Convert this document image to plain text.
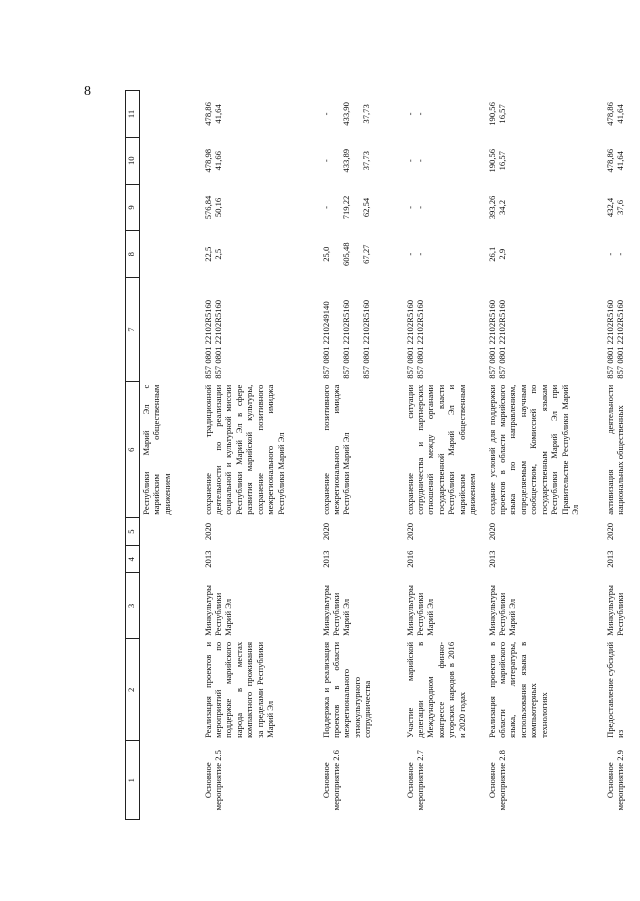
8
1	2	3	4	5	6	7	8	9	10	11
					Республики Марий Эл с марийским общественным движением					
Основное мероприятие 2.5	Реализация проектов и мероприятий по поддержке марийского народа в местах компактного проживания за пределами Республики Марий Эл	Минкультуры Республики Марий Эл	2013	2020	сохранение традиционной деятельности по реализации социальной и культурной миссии Республики Марий Эл в сфере развития марийской культуры, сохранение позитивного межрегионального имиджа Республики Марий Эл	857 0801 22102R5160 857 0801 22102R5160	22,5 2,5	576,84 50,16	478,98 41,66	478,86 41,64

Основное мероприятие 2.6	Поддержка и реализация проектов в области межрегионального этнокультурного сотрудничества	Минкультуры Республики Марий Эл	2013	2020	сохранение позитивного межрегионального имиджа Республики Марий Эл	857 0801 2210249140 857 0801 22102R5160 857 0801 22102R5160	25,0 605,48 67,27	- 719,22 62,54	- 433,89 37,73	- 433,90 37,73

Основное мероприятие 2.7	Участие марийской делегации в Международном конгрессе финно-угорских народов в 2016 и 2020 годах	Минкультуры Республики Марий Эл	2016	2020	сохранение ситуации сотрудничества и партнерских отношений между органами государственной власти Республики Марий Эл и марийским общественным движением	857 0801 22102R5160 857 0801 22102R5160	- -	- -	- -	- -

Основное мероприятие 2.8	Реализация проектов в области марийского языка, литературы, использования языка в компьютерных технологиях	Минкультуры Республики Марий Эл	2013	2020	создание условий для поддержки проектов в области марийского языка по направлениям, определяемым научным сообществом, Комиссией по государственным языкам Республики Марий Эл при Правительстве Республики Марий Эл	857 0801 22102R5160 857 0801 22102R5160	26,1 2,9	393,26 34,2	190,56 16,57	190,56 16,57

Основное мероприятие 2.9	Предоставление субсидий из	Минкультуры Республики	2013	2020	активизация деятельности национальных общественных	857 0801 22102R5160 857 0801 22102R5160	- -	432,4 37,6	478,86 41,64	478,86 41,64
